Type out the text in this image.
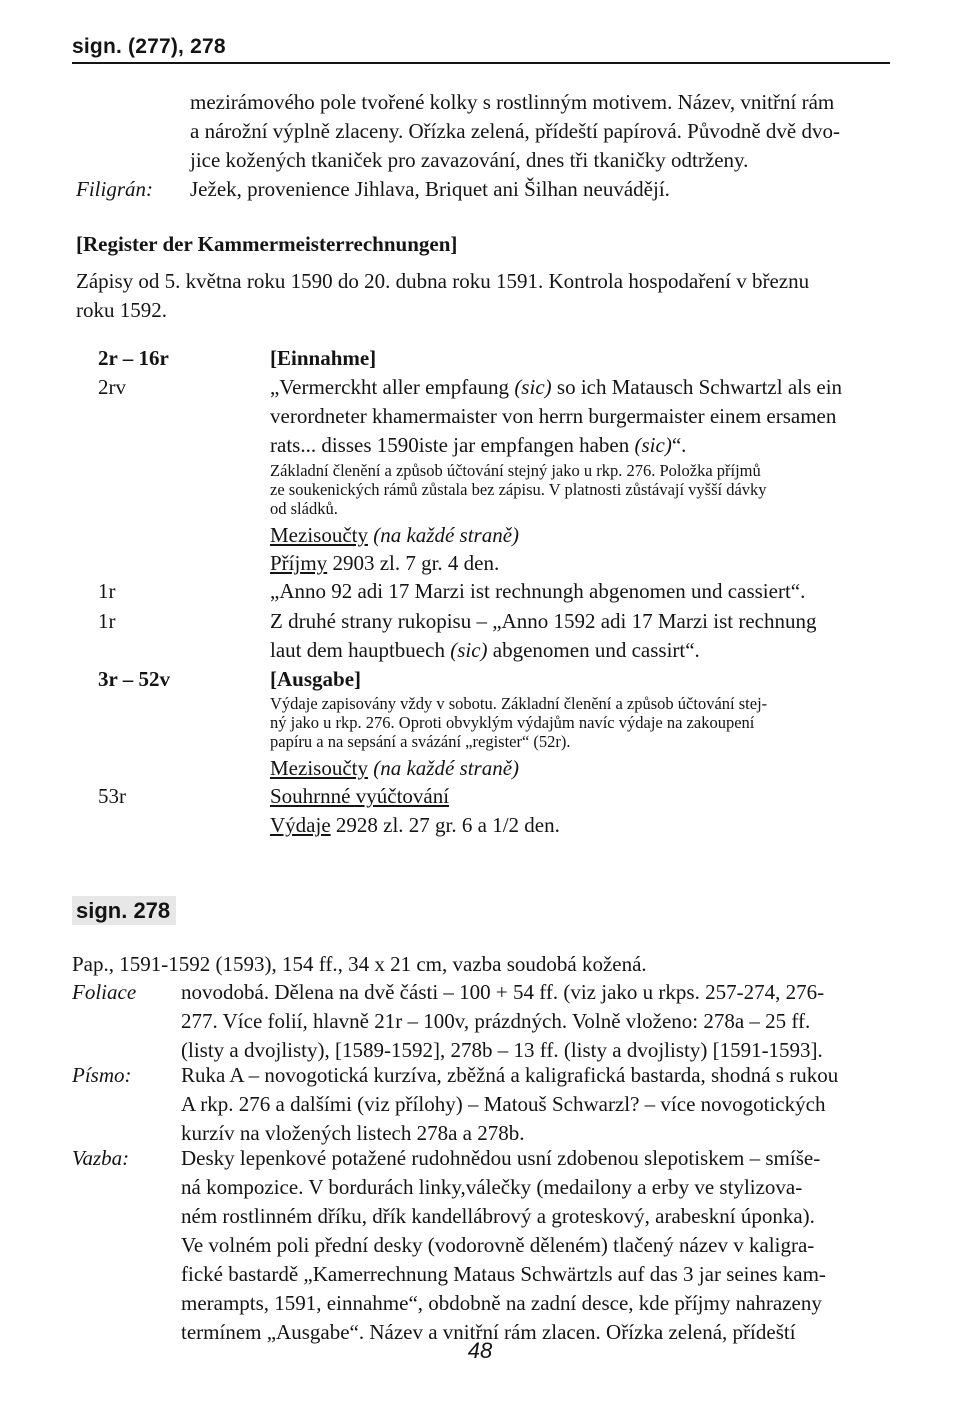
sign. (277), 278
mezirámového pole tvořené kolky s rostlinným motivem. Název, vnitřní rám
a nárožní výplně zlaceny. Ořízka zelená, přídeští papírová. Původně dvě dvo-
jice kožených tkaniček pro zavazování, dnes tři tkaničky odtrženy.
Filigrán: Ježek, provenience Jihlava, Briquet ani Šilhan neuvádějí.
[Register der Kammermeisterrechnungen]
Zápisy od 5. května roku 1590 do 20. dubna roku 1591. Kontrola hospodaření v březnu
roku 1592.
2r – 16r	[Einnahme]
2rv	„Vermerckht aller empfaung (sic) so ich Matausch Schwartzl als ein
verordneter khamermaister von herrn burgermaister einem ersamen
rats... disses 1590iste jar empfangen haben (sic)“.
Základní členění a způsob účtování stejný jako u rkp. 276. Položka příjmů
ze soukenických rámů zůstala bez zápisu. V platnosti zůstávají vyšší dávky
od sládků.
Mezisoučty (na každé straně)
Příjmy 2903 zl. 7 gr. 4 den.
1r	„Anno 92 adi 17 Marzi ist rechnungh abgenomen und cassiert“.
1r	Z druhé strany rukopisu – „Anno 1592 adi 17 Marzi ist rechnung
laut dem hauptbuech (sic) abgenomen und cassirt“.
3r – 52v	[Ausgabe]
Výdaje zapisovány vždy v sobotu. Základní členění a způsob účtování stej-
ný jako u rkp. 276. Oproti obvyklým výdajům navíc výdaje na zakoupení
papíru a na sepsání a svázání „register“ (52r).
Mezisoučty (na každé straně)
53r	Souhrnné vyúčtování
Výdaje 2928 zl. 27 gr. 6 a 1/2 den.
sign. 278
Pap., 1591-1592 (1593), 154 ff., 34 x 21 cm, vazba soudobá kožená.
Foliace novodobá. Dělena na dvě části – 100 + 54 ff. (viz jako u rkps. 257-274, 276-
277. Více folií, hlavně 21r – 100v, prázdných. Volně vloženo: 278a – 25 ff.
(listy a dvojlisty), [1589-1592], 278b – 13 ff. (listy a dvojlisty) [1591-1593].
Písmo: Ruka A – novogotická kurzíva, zběžná a kaligrafická bastarda, shodná s rukou
A rkp. 276 a dalšími (viz přílohy) – Matouš Schwarzl? – více novogotických
kurzív na vložených listech 278a a 278b.
Vazba: Desky lepenkové potažené rudohnědou usní zdobenou slepotiskem – smíše-
ná kompozice. V bordurách linky,válečky (medailony a erby ve stylizova-
ném rostlinném dříku, dřík kandellábrový a groteskový, arabeskní úponka).
Ve volném poli přední desky (vodorovně děleném) tlačený název v kaligra-
fické bastardě „Kamerrechnung Mataus Schwärtzls auf das 3 jar seines kam-
merampts, 1591, einnahme“, obdobně na zadní desce, kde příjmy nahrazeny
termínem „Ausgabe“. Název a vnitřní rám zlacen. Ořízka zelená, přídeští
48
